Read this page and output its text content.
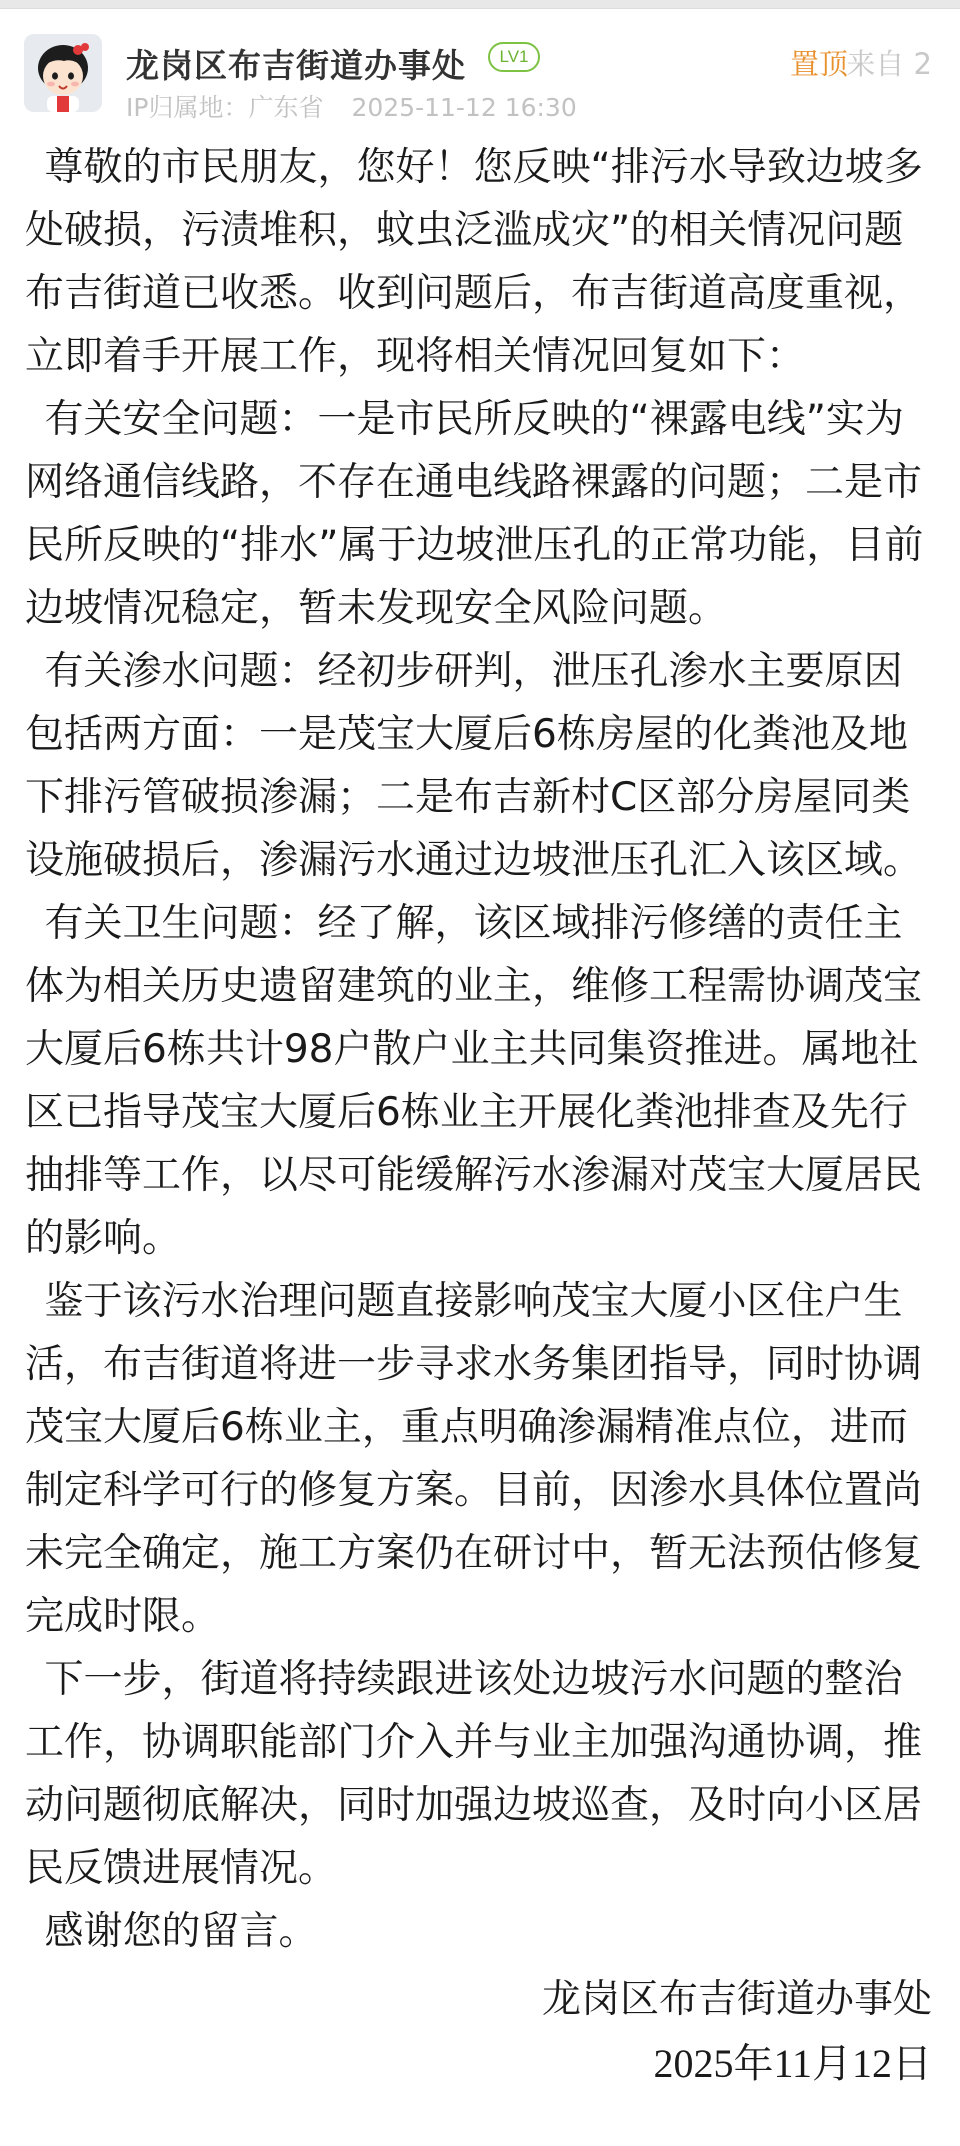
龙岗区布吉街道办事处	LV1
IP归属地：广东省 2025-11-12 16:30
置顶
来自 2

尊敬的市民朋友，您好！您反映“排污水导致边坡多处破损，污渍堆积，蚊虫泛滥成灾”的相关情况问题布吉街道已收悉。收到问题后，布吉街道高度重视，立即着手开展工作，现将相关情况回复如下：

有关安全问题：一是市民所反映的“裸露电线”实为网络通信线路，不存在通电线路裸露的问题；二是市民所反映的“排水”属于边坡泄压孔的正常功能，目前边坡情况稳定，暂未发现安全风险问题。

有关渗水问题：经初步研判，泄压孔渗水主要原因包括两方面：一是茂宝大厦后6栋房屋的化粪池及地下排污管破损渗漏；二是布吉新村C区部分房屋同类设施破损后，渗漏污水通过边坡泄压孔汇入该区域。

有关卫生问题：经了解，该区域排污修缮的责任主体为相关历史遗留建筑的业主，维修工程需协调茂宝大厦后6栋共计98户散户业主共同集资推进。属地社区已指导茂宝大厦后6栋业主开展化粪池排查及先行抽排等工作，以尽可能缓解污水渗漏对茂宝大厦居民的影响。

鉴于该污水治理问题直接影响茂宝大厦小区住户生活，布吉街道将进一步寻求水务集团指导，同时协调茂宝大厦后6栋业主，重点明确渗漏精准点位，进而制定科学可行的修复方案。目前，因渗水具体位置尚未完全确定，施工方案仍在研讨中，暂无法预估修复完成时限。

下一步，街道将持续跟进该处边坡污水问题的整治工作，协调职能部门介入并与业主加强沟通协调，推动问题彻底解决，同时加强边坡巡查，及时向小区居民反馈进展情况。

感谢您的留言。

龙岗区布吉街道办事处
2025年11月12日
